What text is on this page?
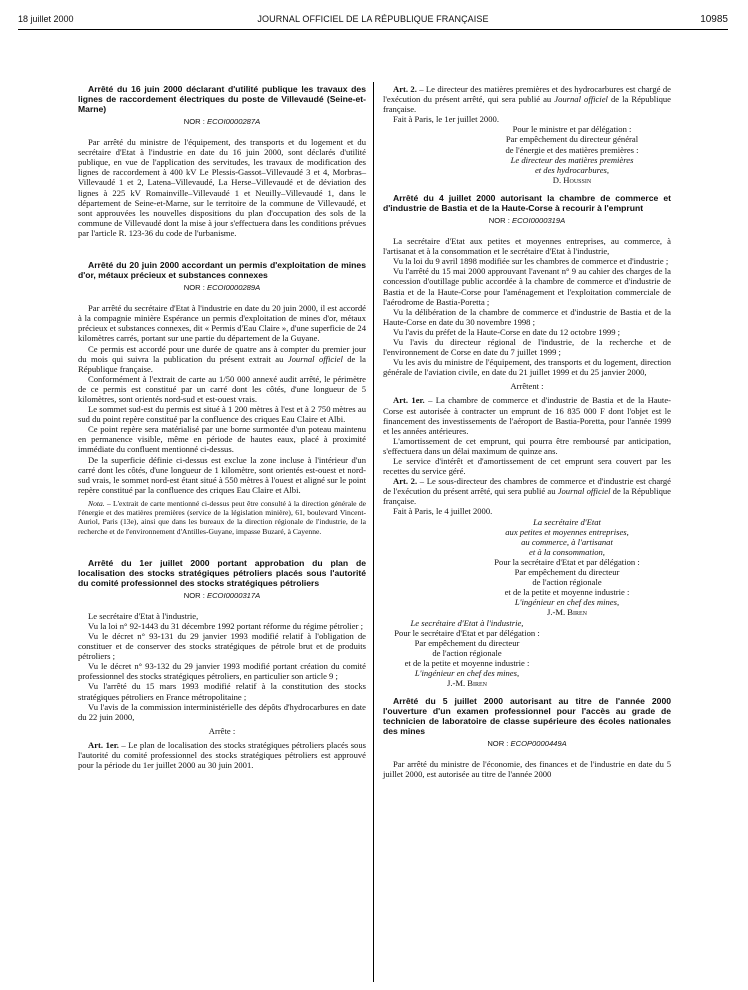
18 juillet 2000	JOURNAL OFFICIEL DE LA RÉPUBLIQUE FRANÇAISE	10985

Arrêté du 16 juin 2000 déclarant d'utilité publique les travaux des lignes de raccordement électriques du poste de Villevaudé (Seine-et-Marne)

NOR : ECOI0000287A

Par arrêté du ministre de l'équipement, des transports et du logement et du secrétaire d'Etat à l'industrie en date du 16 juin 2000, sont déclarés d'utilité publique, en vue de l'application des servitudes, les travaux de modification des lignes de raccordement à 400 kV Le Plessis-Gassot–Villevaudé 3 et 4, Morbras–Villevaudé 1 et 2, Latena–Villevaudé, La Herse–Villevaudé et de déviation des lignes à 225 kV Romainville–Villevaudé 1 et Neuilly–Villevaudé 1, dans le département de Seine-et-Marne, sur le territoire de la commune de Villevaudé, et sont approuvées les nouvelles dispositions du plan d'occupation des sols de la commune de Villevaudé dont la mise à jour s'effectuera dans les conditions prévues par l'article R. 123-36 du code de l'urbanisme.

Arrêté du 20 juin 2000 accordant un permis d'exploitation de mines d'or, métaux précieux et substances connexes

NOR : ECOI0000289A

Par arrêté du secrétaire d'Etat à l'industrie en date du 20 juin 2000, il est accordé à la compagnie minière Espérance un permis d'exploitation de mines d'or, métaux précieux et substances connexes, dit « Permis d'Eau Claire », d'une superficie de 24 kilomètres carrés, portant sur une partie du département de la Guyane.

Ce permis est accordé pour une durée de quatre ans à compter du premier jour du mois qui suivra la publication du présent extrait au Journal officiel de la République française.

Conformément à l'extrait de carte au 1/50 000 annexé audit arrêté, le périmètre de ce permis est constitué par un carré dont les côtés, d'une longueur de 5 kilomètres, sont orientés nord-sud et est-ouest vrais.

Le sommet sud-est du permis est situé à 1 200 mètres à l'est et à 2 750 mètres au sud du point repère constitué par la confluence des criques Eau Claire et Albi.

Ce point repère sera matérialisé par une borne surmontée d'un poteau maintenu en permanence visible, même en période de hautes eaux, placé à proximité immédiate du confluent mentionné ci-dessus.

De la superficie définie ci-dessus est exclue la zone incluse à l'intérieur d'un carré dont les côtés, d'une longueur de 1 kilomètre, sont orientés est-ouest et nord-sud vrais, le sommet nord-est étant situé à 550 mètres à l'ouest et aligné sur le point repère constitué par la confluence des criques Eau Claire et Albi.

Nota. – L'extrait de carte mentionné ci-dessus peut être consulté à la direction générale de l'énergie et des matières premières (service de la législation minière), 61, boulevard Vincent-Auriol, Paris (13e), ainsi que dans les bureaux de la direction régionale de l'industrie, de la recherche et de l'environnement d'Antilles-Guyane, impasse Buzaré, à Cayenne.

Arrêté du 1er juillet 2000 portant approbation du plan de localisation des stocks stratégiques pétroliers placés sous l'autorité du comité professionnel des stocks stratégiques pétroliers

NOR : ECOI0000317A

Le secrétaire d'Etat à l'industrie,

Vu la loi n° 92-1443 du 31 décembre 1992 portant réforme du régime pétrolier ;

Vu le décret n° 93-131 du 29 janvier 1993 modifié relatif à l'obligation de constituer et de conserver des stocks stratégiques de pétrole brut et de produits pétroliers ;

Vu le décret n° 93-132 du 29 janvier 1993 modifié portant création du comité professionnel des stocks stratégiques pétroliers, en particulier son article 9 ;

Vu l'arrêté du 15 mars 1993 modifié relatif à la constitution des stocks stratégiques pétroliers en France métropolitaine ;

Vu l'avis de la commission interministérielle des dépôts d'hydrocarbures en date du 22 juin 2000,

Arrête :

Art. 1er. – Le plan de localisation des stocks stratégiques pétroliers placés sous l'autorité du comité professionnel des stocks stratégiques pétroliers est approuvé pour la période du 1er juillet 2000 au 30 juin 2001.

Art. 2. – Le directeur des matières premières et des hydrocarbures est chargé de l'exécution du présent arrêté, qui sera publié au Journal officiel de la République française.

Fait à Paris, le 1er juillet 2000.

Pour le ministre et par délégation :

Par empêchement du directeur général

de l'énergie et des matières premières :

Le directeur des matières premières

et des hydrocarbures,

D. Houssin

Arrêté du 4 juillet 2000 autorisant la chambre de commerce et d'industrie de Bastia et de la Haute-Corse à recourir à l'emprunt

NOR : ECOI0000319A

La secrétaire d'Etat aux petites et moyennes entreprises, au commerce, à l'artisanat et à la consommation et le secrétaire d'Etat à l'industrie,

Vu la loi du 9 avril 1898 modifiée sur les chambres de commerce et d'industrie ;

Vu l'arrêté du 15 mai 2000 approuvant l'avenant n° 9 au cahier des charges de la concession d'outillage public accordée à la chambre de commerce et d'industrie de Bastia et de la Haute-Corse pour l'aménagement et l'exploitation commerciale de l'aérodrome de Bastia-Poretta ;

Vu la délibération de la chambre de commerce et d'industrie de Bastia et de la Haute-Corse en date du 30 novembre 1998 ;

Vu l'avis du préfet de la Haute-Corse en date du 12 octobre 1999 ;

Vu l'avis du directeur régional de l'industrie, de la recherche et de l'environnement de Corse en date du 7 juillet 1999 ;

Vu les avis du ministre de l'équipement, des transports et du logement, direction générale de l'aviation civile, en date du 21 juillet 1999 et du 25 janvier 2000,

Arrêtent :

Art. 1er. – La chambre de commerce et d'industrie de Bastia et de la Haute-Corse est autorisée à contracter un emprunt de 16 835 000 F dont l'objet est le financement des investissements de l'aéroport de Bastia-Poretta, pour l'année 1999 et les années antérieures.

L'amortissement de cet emprunt, qui pourra être remboursé par anticipation, s'effectuera dans un délai maximum de quinze ans.

Le service d'intérêt et d'amortissement de cet emprunt sera couvert par les recettes du service géré.

Art. 2. – Le sous-directeur des chambres de commerce et d'industrie est chargé de l'exécution du présent arrêté, qui sera publié au Journal officiel de la République française.

Fait à Paris, le 4 juillet 2000.

La secrétaire d'Etat

aux petites et moyennes entreprises,

au commerce, à l'artisanat

et à la consommation,

Pour la secrétaire d'Etat et par délégation :

Par empêchement du directeur

de l'action régionale

et de la petite et moyenne industrie :

L'ingénieur en chef des mines,

J.-M. Biren

Le secrétaire d'Etat à l'industrie,

Pour le secrétaire d'Etat et par délégation :

Par empêchement du directeur

de l'action régionale

et de la petite et moyenne industrie :

L'ingénieur en chef des mines,

J.-M. Biren

Arrêté du 5 juillet 2000 autorisant au titre de l'année 2000 l'ouverture d'un examen professionnel pour l'accès au grade de technicien de laboratoire de classe supérieure des écoles nationales des mines

NOR : ECOP0000449A

Par arrêté du ministre de l'économie, des finances et de l'industrie en date du 5 juillet 2000, est autorisée au titre de l'année 2000
